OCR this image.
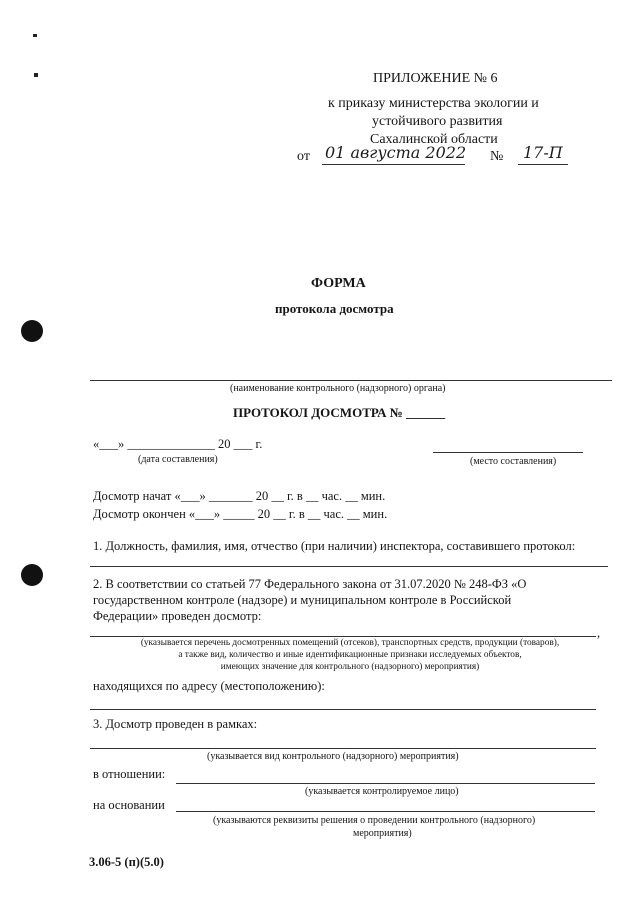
ПРИЛОЖЕНИЕ № 6
к приказу министерства экологии и
устойчивого развития
Сахалинской области
от 01 августа 2022 № 17-П
ФОРМА
протокола досмотра
(наименование контрольного (надзорного) органа)
ПРОТОКОЛ ДОСМОТРА № ______
«___» ______________ 20 ___ г.
(дата составления)	(место составления)
Досмотр начат «___» _______ 20 __ г. в __ час. __ мин.
Досмотр окончен «___» _____ 20 __ г. в __ час. __ мин.
1. Должность, фамилия, имя, отчество (при наличии) инспектора, составившего протокол:
2. В соответствии со статьей 77 Федерального закона от 31.07.2020 № 248-ФЗ «О
государственном контроле (надзоре) и муниципальном контроле в Российской
Федерации» проведен досмотр:
,
(указывается перечень досмотренных помещений (отсеков), транспортных средств, продукции (товаров),
а также вид, количество и иные идентификационные признаки исследуемых объектов,
имеющих значение для контрольного (надзорного) мероприятия)
находящихся по адресу (местоположению):
3. Досмотр проведен в рамках:
(указывается вид контрольного (надзорного) мероприятия)
в отношении:
(указывается контролируемое лицо)
на основании
(указываются реквизиты решения о проведении контрольного (надзорного)
мероприятия)
3.06-5 (п)(5.0)
